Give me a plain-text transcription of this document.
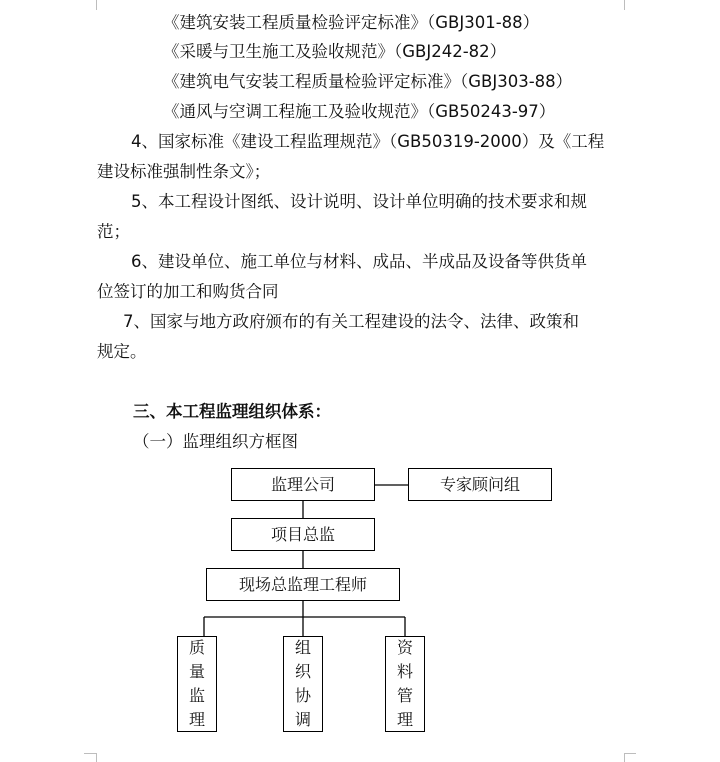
《建筑安装工程质量检验评定标准》（GBJ301-88）
《采暖与卫生施工及验收规范》（GBJ242-82）
《建筑电气安装工程质量检验评定标准》（GBJ303-88）
《通风与空调工程施工及验收规范》（GB50243-97）
4、国家标准《建设工程监理规范》（GB50319-2000）及《工程
建设标准强制性条文》；
5、本工程设计图纸、设计说明、设计单位明确的技术要求和规
范；
6、建设单位、施工单位与材料、成品、半成品及设备等供货单
位签订的加工和购货合同
7、国家与地方政府颁布的有关工程建设的法令、法律、政策和
规定。
三、本工程监理组织体系：
（一）监理组织方框图
监理公司	专家顾问组
项目总监
现场总监理工程师
质
量
监
理
组
织
协
调
资
料
管
理
